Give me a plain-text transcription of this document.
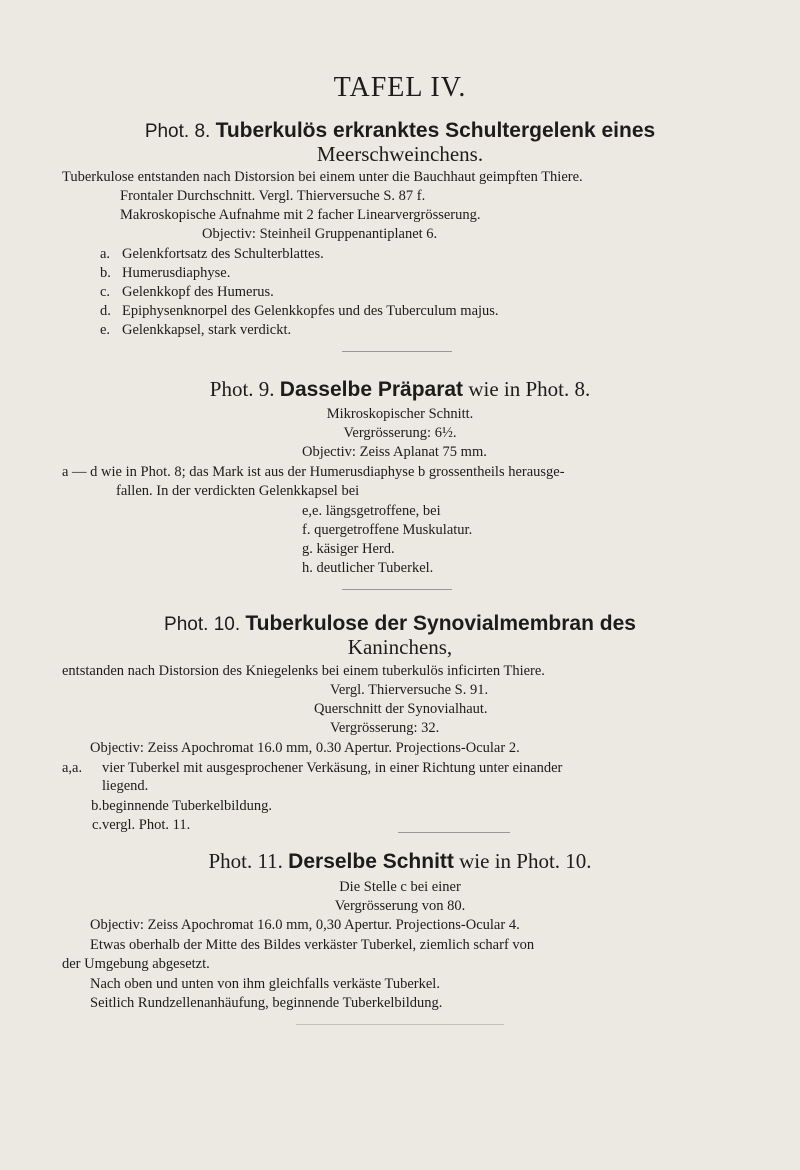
TAFEL IV.
Phot. 8. Tuberkulös erkranktes Schultergelenk eines
Meerschweinchens.
Tuberkulose entstanden nach Distorsion bei einem unter die Bauchhaut geimpften Thiere.
Frontaler Durchschnitt. Vergl. Thierversuche S. 87 f.
Makroskopische Aufnahme mit 2 facher Linearvergrösserung.
Objectiv: Steinheil Gruppenantiplanet 6.
a. Gelenkfortsatz des Schulterblattes.
b. Humerusdiaphyse.
c. Gelenkkopf des Humerus.
d. Epiphysenknorpel des Gelenkkopfes und des Tuberculum majus.
e. Gelenkkapsel, stark verdickt.
Phot. 9. Dasselbe Präparat wie in Phot. 8.
Mikroskopischer Schnitt.
Vergrösserung: 6½.
Objectiv: Zeiss Aplanat 75 mm.
a — d wie in Phot. 8; das Mark ist aus der Humerusdiaphyse b grossentheils herausge-
fallen. In der verdickten Gelenkkapsel bei
e,e. längsgetroffene, bei
f. quergetroffene Muskulatur.
g. käsiger Herd.
h. deutlicher Tuberkel.
Phot. 10. Tuberkulose der Synovialmembran des
Kaninchens,
entstanden nach Distorsion des Kniegelenks bei einem tuberkulös inficirten Thiere.
Vergl. Thierversuche S. 91.
Querschnitt der Synovialhaut.
Vergrösserung: 32.
Objectiv: Zeiss Apochromat 16.0 mm, 0.30 Apertur. Projections-Ocular 2.
a,a. vier Tuberkel mit ausgesprochener Verkäsung, in einer Richtung unter einander
liegend.
b.beginnende Tuberkelbildung.
c.vergl. Phot. 11.
Phot. 11. Derselbe Schnitt wie in Phot. 10.
Die Stelle c bei einer
Vergrösserung von 80.
Objectiv: Zeiss Apochromat 16.0 mm, 0,30 Apertur. Projections-Ocular 4.
Etwas oberhalb der Mitte des Bildes verkäster Tuberkel, ziemlich scharf von
der Umgebung abgesetzt.
Nach oben und unten von ihm gleichfalls verkäste Tuberkel.
Seitlich Rundzellenanhäufung, beginnende Tuberkelbildung.
